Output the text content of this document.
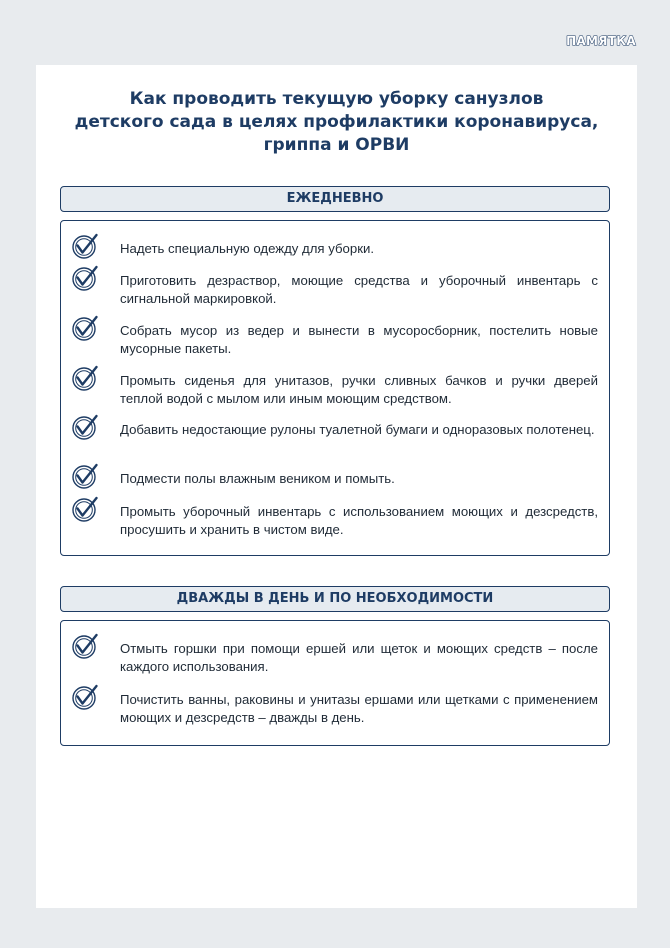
ПАМЯТКА
Как проводить текущую уборку санузлов
детского сада в целях профилактики коронавируса,
гриппа и ОРВИ
ЕЖЕДНЕВНО
Надеть специальную одежду для уборки.
Приготовить дезраствор, моющие средства и уборочный инвентарь с сигнальной маркировкой.
Собрать мусор из ведер и вынести в мусоросборник, постелить новые мусорные пакеты.
Промыть сиденья для унитазов, ручки сливных бачков и ручки дверей теплой водой с мылом или иным моющим средством.
Добавить недостающие рулоны туалетной бумаги и одноразовых полотенец.
Подмести полы влажным веником и помыть.
Промыть уборочный инвентарь с использованием моющих и дезсредств, просушить и хранить в чистом виде.
ДВАЖДЫ В ДЕНЬ И ПО НЕОБХОДИМОСТИ
Отмыть горшки при помощи ершей или щеток и моющих средств – после каждого использования.
Почистить ванны, раковины и унитазы ершами или щетками с применением моющих и дезсредств – дважды в день.
